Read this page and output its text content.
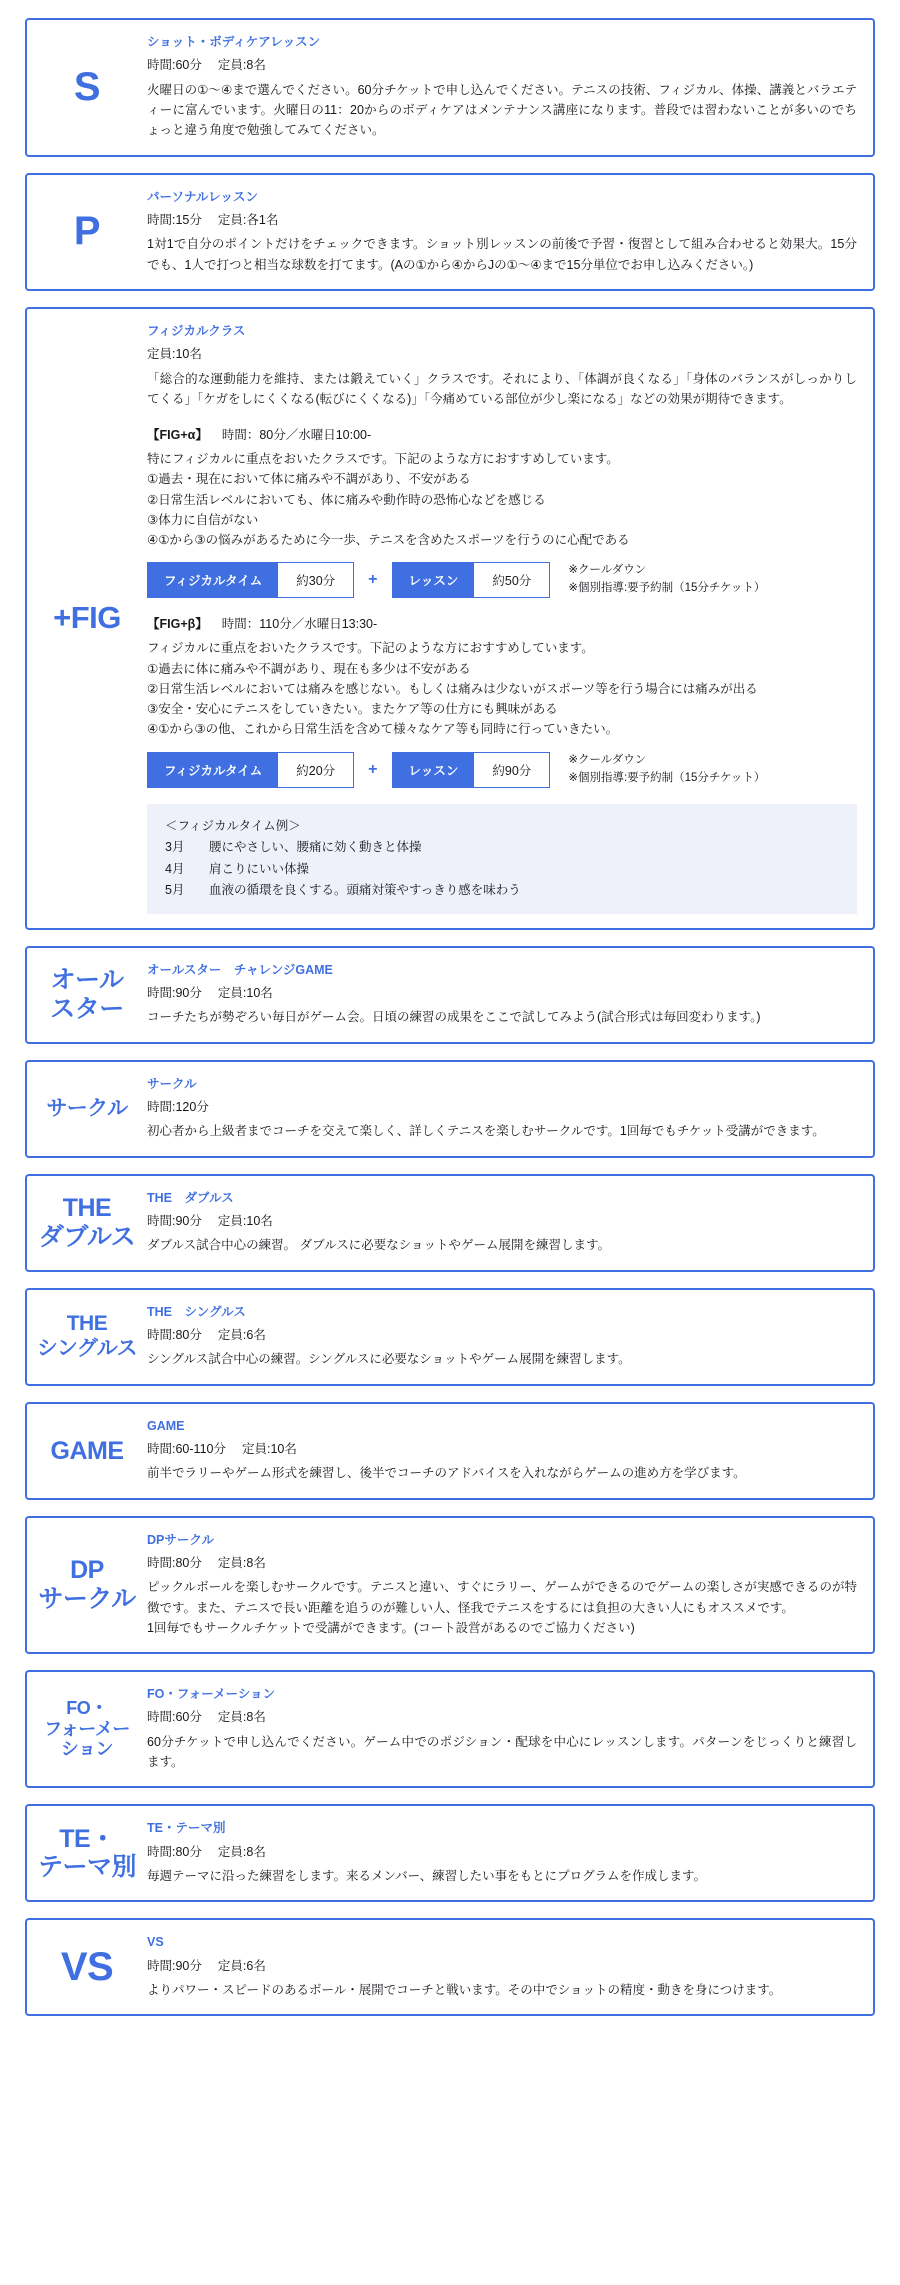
S
ショット・ボディケアレッスン
時間:60分 定員:8名
火曜日の①〜④まで選んでください。60分チケットで申し込んでください。テニスの技術、フィジカル、体操、講義とバラエティーに富んでいます。火曜日の11：20からのボディケアはメンテナンス講座になります。普段では習わないことが多いのでちょっと違う角度で勉強してみてください。
P
パーソナルレッスン
時間:15分 定員:各1名
1対1で自分のポイントだけをチェックできます。ショット別レッスンの前後で予習・復習として組み合わせると効果大。15分でも、1人で打つと相当な球数を打てます。(Aの①から④からJの①〜④まで15分単位でお申し込みください。)
+FIG
フィジカルクラス
定員:10名
「総合的な運動能力を維持、または鍛えていく」クラスです。それにより、「体調が良くなる」「身体のバランスがしっかりしてくる」「ケガをしにくくなる(転びにくくなる)」「今痛めている部位が少し楽になる」などの効果が期待できます。
【FIG+α】 時間：80分／水曜日10:00-
特にフィジカルに重点をおいたクラスです。下記のような方におすすめしています。
①過去・現在において体に痛みや不調があり、不安がある
②日常生活レベルにおいても、体に痛みや動作時の恐怖心などを感じる
③体力に自信がない
④①から③の悩みがあるために今一歩、テニスを含めたスポーツを行うのに心配である
フィジカルタイム	約30分	+	レッスン	約50分
※クールダウン
※個別指導:要予約制（15分チケット）
【FIG+β】 時間：110分／水曜日13:30-
フィジカルに重点をおいたクラスです。下記のような方におすすめしています。
①過去に体に痛みや不調があり、現在も多少は不安がある
②日常生活レベルにおいては痛みを感じない。もしくは痛みは少ないがスポーツ等を行う場合には痛みが出る
③安全・安心にテニスをしていきたい。またケア等の仕方にも興味がある
④①から③の他、これから日常生活を含めて様々なケア等も同時に行っていきたい。
フィジカルタイム	約20分	+	レッスン	約90分
※クールダウン
※個別指導:要予約制（15分チケット）
＜フィジカルタイム例＞
3月 腰にやさしい、腰痛に効く動きと体操
4月 肩こりにいい体操
5月 血液の循環を良くする。頭痛対策やすっきり感を味わう
オール
スター
オールスター　チャレンジGAME
時間:90分 定員:10名
コーチたちが勢ぞろい毎日がゲーム会。日頃の練習の成果をここで試してみよう(試合形式は毎回変わります。)
サークル
サークル
時間:120分
初心者から上級者までコーチを交えて楽しく、詳しくテニスを楽しむサークルです。1回毎でもチケット受講ができます。
THE
ダブルス
THE　ダブルス
時間:90分 定員:10名
ダブルス試合中心の練習。 ダブルスに必要なショットやゲーム展開を練習します。
THE
シングルス
THE　シングルス
時間:80分 定員:6名
シングルス試合中心の練習。シングルスに必要なショットやゲーム展開を練習します。
GAME
GAME
時間:60-110分 定員:10名
前半でラリーやゲーム形式を練習し、後半でコーチのアドバイスを入れながらゲームの進め方を学びます。
DP
サークル
DPサークル
時間:80分 定員:8名
ピックルボールを楽しむサークルです。テニスと違い、すぐにラリー、ゲームができるのでゲームの楽しさが実感できるのが特徴です。また、テニスで長い距離を追うのが難しい人、怪我でテニスをするには負担の大きい人にもオススメです。
1回毎でもサークルチケットで受講ができます。(コート設営があるのでご協力ください)
FO・
フォーメー
ション
FO・フォーメーション
時間:60分 定員:8名
60分チケットで申し込んでください。ゲーム中でのポジション・配球を中心にレッスンします。パターンをじっくりと練習します。
TE・
テーマ別
TE・テーマ別
時間:80分 定員:8名
毎週テーマに沿った練習をします。来るメンバー、練習したい事をもとにプログラムを作成します。
VS
VS
時間:90分 定員:6名
よりパワー・スピードのあるボール・展開でコーチと戦います。その中でショットの精度・動きを身につけます。
